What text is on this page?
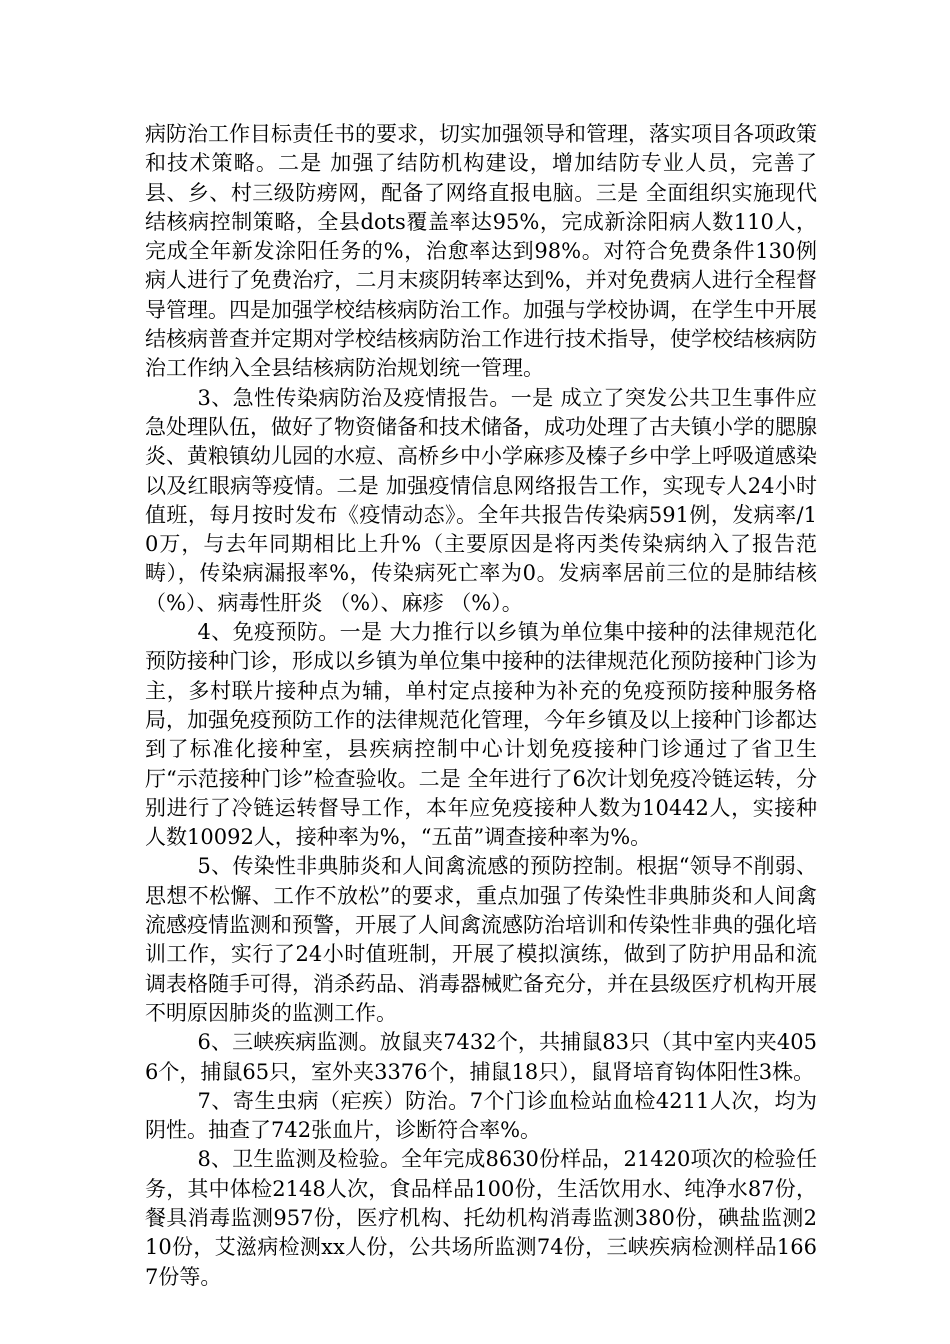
病防治工作目标责任书的要求，切实加强领导和管理，落实项目各项政策和技术策略。二是 加强了结防机构建设，增加结防专业人员，完善了县、乡、村三级防痨网，配备了网络直报电脑。三是 全面组织实施现代结核病控制策略，全县dots覆盖率达95%，完成新涂阳病人数110人，完成全年新发涂阳任务的%，治愈率达到98%。对符合免费条件130例病人进行了免费治疗，二月末痰阴转率达到%，并对免费病人进行全程督导管理。四是加强学校结核病防治工作。加强与学校协调，在学生中开展结核病普查并定期对学校结核病防治工作进行技术指导，使学校结核病防治工作纳入全县结核病防治规划统一管理。

3、急性传染病防治及疫情报告。一是 成立了突发公共卫生事件应急处理队伍，做好了物资储备和技术储备，成功处理了古夫镇小学的腮腺炎、黄粮镇幼儿园的水痘、高桥乡中小学麻疹及榛子乡中学上呼吸道感染以及红眼病等疫情。二是 加强疫情信息网络报告工作，实现专人24小时值班，每月按时发布《疫情动态》。全年共报告传染病591例，发病率/10万，与去年同期相比上升%（主要原因是将丙类传染病纳入了报告范畴），传染病漏报率%，传染病死亡率为0。发病率居前三位的是肺结核 （%）、病毒性肝炎 （%）、麻疹 （%）。

4、免疫预防。一是 大力推行以乡镇为单位集中接种的法律规范化预防接种门诊，形成以乡镇为单位集中接种的法律规范化预防接种门诊为主，多村联片接种点为辅，单村定点接种为补充的免疫预防接种服务格局，加强免疫预防工作的法律规范化管理，今年乡镇及以上接种门诊都达到了标准化接种室，县疾病控制中心计划免疫接种门诊通过了省卫生厅“示范接种门诊”检查验收。二是 全年进行了6次计划免疫冷链运转，分别进行了冷链运转督导工作，本年应免疫接种人数为10442人，实接种人数10092人，接种率为%，“五苗”调查接种率为%。

5、传染性非典肺炎和人间禽流感的预防控制。根据“领导不削弱、思想不松懈、工作不放松”的要求，重点加强了传染性非典肺炎和人间禽流感疫情监测和预警，开展了人间禽流感防治培训和传染性非典的强化培训工作，实行了24小时值班制，开展了模拟演练，做到了防护用品和流调表格随手可得，消杀药品、消毒器械贮备充分，并在县级医疗机构开展不明原因肺炎的监测工作。

6、三峡疾病监测。放鼠夹7432个，共捕鼠83只（其中室内夹4056个，捕鼠65只，室外夹3376个，捕鼠18只），鼠肾培育钩体阳性3株。

7、寄生虫病（疟疾）防治。7个门诊血检站血检4211人次，均为阴性。抽查了742张血片，诊断符合率%。

8、卫生监测及检验。全年完成8630份样品，21420项次的检验任务，其中体检2148人次，食品样品100份，生活饮用水、纯净水87份，餐具消毒监测957份，医疗机构、托幼机构消毒监测380份，碘盐监测210份，艾滋病检测xx人份，公共场所监测74份，三峡疾病检测样品1667份等。
